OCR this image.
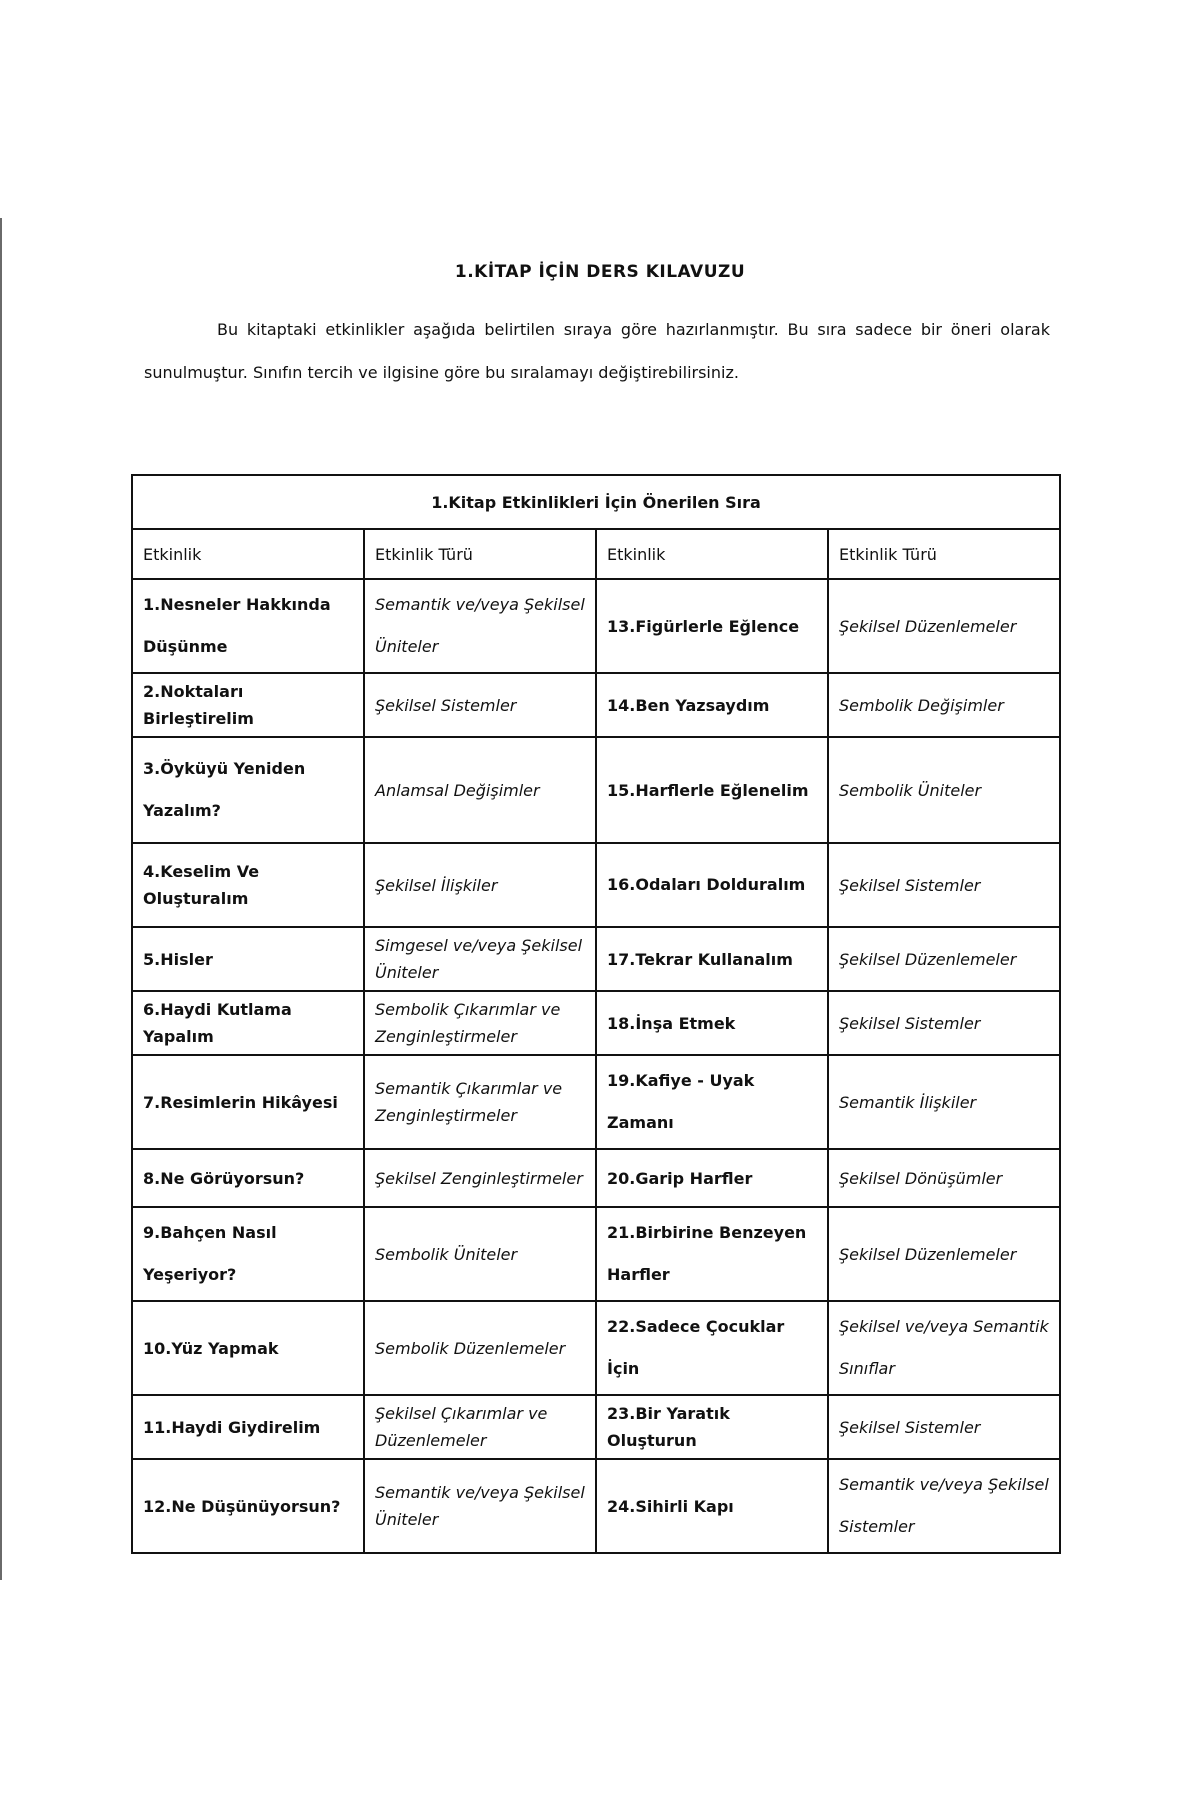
1.KİTAP İÇİN DERS KILAVUZU
Bu kitaptaki etkinlikler aşağıda belirtilen sıraya göre hazırlanmıştır. Bu sıra sadece bir öneri olarak sunulmuştur. Sınıfın tercih ve ilgisine göre bu sıralamayı değiştirebilirsiniz.
1.Kitap Etkinlikleri İçin Önerilen Sıra			
Etkinlik	Etkinlik Türü	Etkinlik	Etkinlik Türü
1.Nesneler Hakkında Düşünme	Semantik ve/veya Şekilsel Üniteler	13.Figürlerle Eğlence	Şekilsel Düzenlemeler
2.Noktaları Birleştirelim	Şekilsel Sistemler	14.Ben Yazsaydım	Sembolik Değişimler
3.Öyküyü Yeniden Yazalım?	Anlamsal Değişimler	15.Harflerle Eğlenelim	Sembolik Üniteler
4.Keselim Ve Oluşturalım	Şekilsel İlişkiler	16.Odaları Dolduralım	Şekilsel Sistemler
5.Hisler	Simgesel ve/veya Şekilsel Üniteler	17.Tekrar Kullanalım	Şekilsel Düzenlemeler
6.Haydi Kutlama Yapalım	Sembolik Çıkarımlar ve Zenginleştirmeler	18.İnşa Etmek	Şekilsel Sistemler
7.Resimlerin Hikâyesi	Semantik Çıkarımlar ve Zenginleştirmeler	19.Kafiye - Uyak Zamanı	Semantik İlişkiler
8.Ne Görüyorsun?	Şekilsel Zenginleştirmeler	20.Garip Harfler	Şekilsel Dönüşümler
9.Bahçen Nasıl Yeşeriyor?	Sembolik Üniteler	21.Birbirine Benzeyen Harfler	Şekilsel Düzenlemeler
10.Yüz Yapmak	Sembolik Düzenlemeler	22.Sadece Çocuklar İçin	Şekilsel ve/veya Semantik Sınıflar
11.Haydi Giydirelim	Şekilsel Çıkarımlar ve Düzenlemeler	23.Bir Yaratık Oluşturun	Şekilsel Sistemler
12.Ne Düşünüyorsun?	Semantik ve/veya Şekilsel Üniteler	24.Sihirli Kapı	Semantik ve/veya Şekilsel Sistemler
